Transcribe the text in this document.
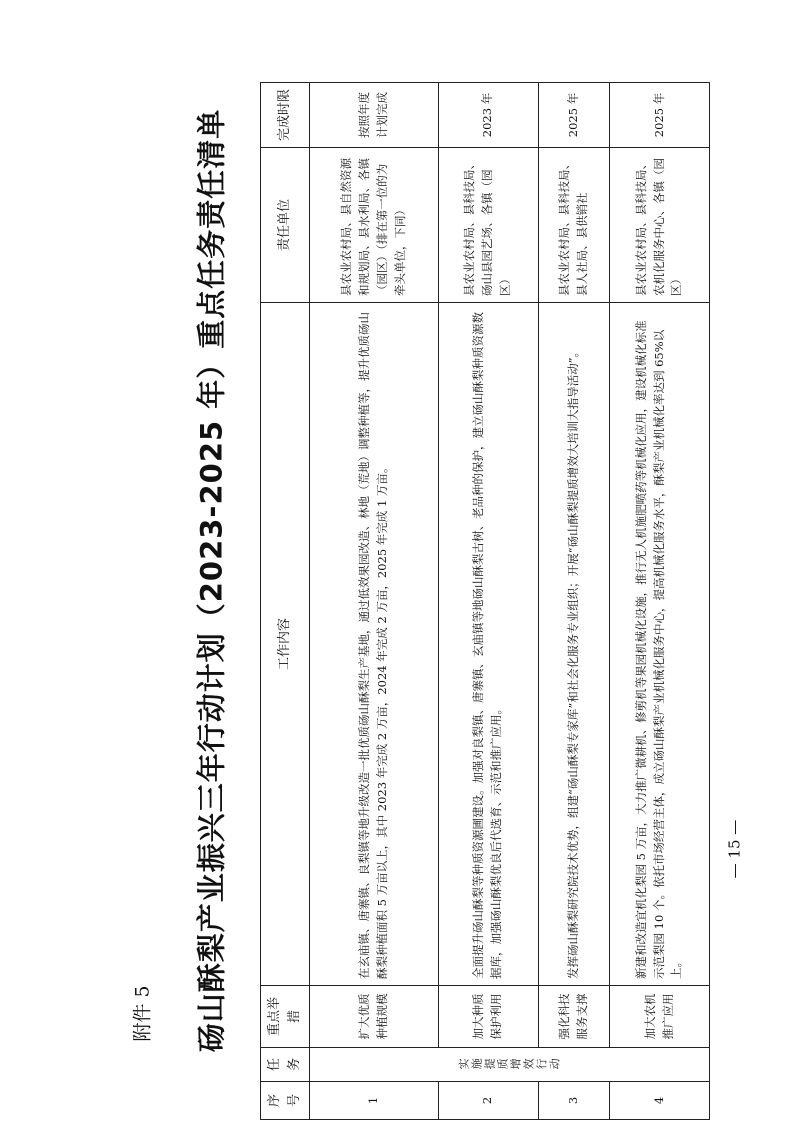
附件 5 砀山酥梨产业振兴三年行动计划（2023-2025 年）重点任务责任清单	— 15 —
序号	任务	重点举措	工作内容	责任单位	完成时限
1	实施提质增效行动	扩大优质种植规模	在玄庙镇、唐寨镇、良梨镇等地升级改造一批优质砀山酥梨生产基地，通过低效果园改造、林地（荒地）调整种植等，提升优质砀山酥梨种植面积 5 万亩以上，其中 2023 年完成 2 万亩，2024 年完成 2 万亩，2025 年完成 1 万亩。	县农业农村局、县自然资源和规划局、县水利局、各镇（园区）（排在第一位的为牵头单位，下同）	按照年度计划完成
2		加大种质保护利用	全面提升砀山酥梨等种质资源圃建设。加强对良梨镇、唐寨镇、玄庙镇等地砀山酥梨古树、老品种的保护，建立砀山酥梨种质资源数据库，加强砀山酥梨优良后代选育、示范和推广应用。	县农业农村局、县科技局、砀山县园艺场、各镇（园区）	2023 年
3		强化科技服务支撑	发挥砀山酥梨研究院技术优势，组建“砀山酥梨专家库”和社会化服务专业组织；开展“砀山酥梨提质增效大培训大指导活动”。	县农业农村局、县科技局、县人社局、县供销社	2025 年
4		加大农机推广应用	新建和改造宜机化梨园 5 万亩，大力推广微耕机、修剪机等果园机械化设施，推行无人机施肥喷药等机械化应用，建设机械化标准示范梨园 10 个。依托市场经营主体，成立砀山酥梨产业机械化服务中心，提高机械化服务水平，酥梨产业机械化率达到 65%以上。	县农业农村局、县科技局、农机化服务中心、各镇（园区）	2025 年
